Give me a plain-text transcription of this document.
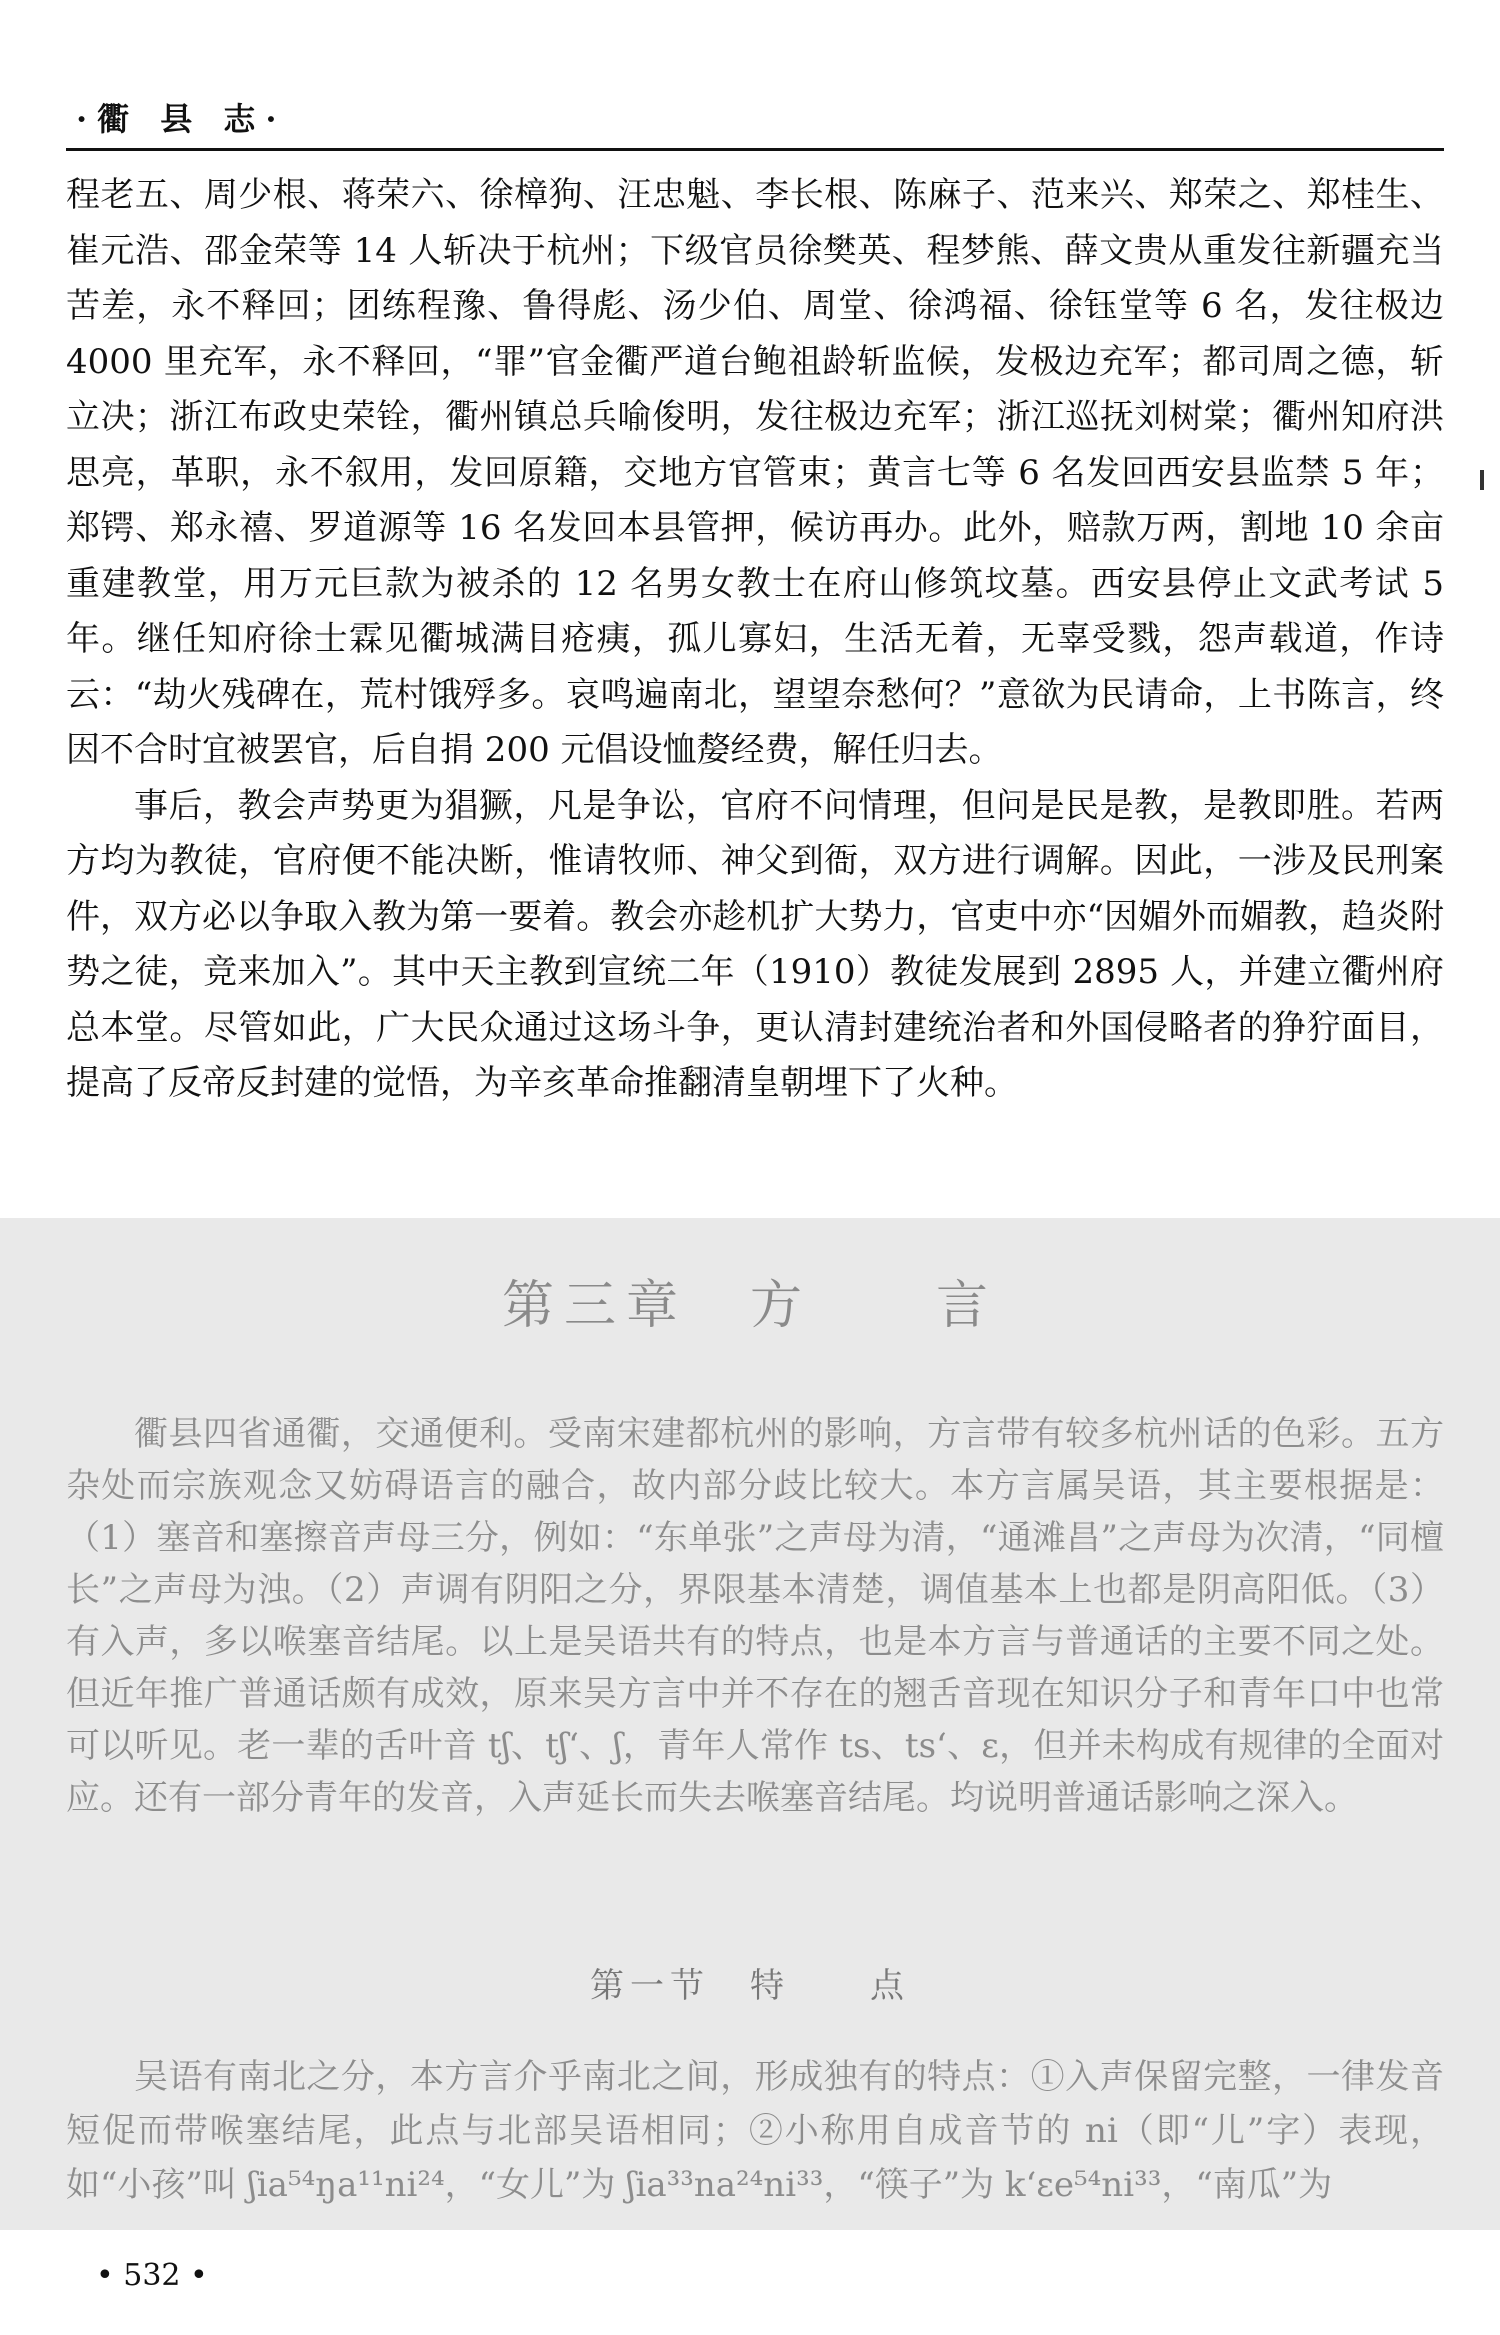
·衢 县 志·

程老五、周少根、蒋荣六、徐樟狗、汪忠魁、李长根、陈麻子、范来兴、郑荣之、郑桂生、崔元浩、邵金荣等 14 人斩决于杭州；下级官员徐樊英、程梦熊、薛文贵从重发往新疆充当苦差，永不释回；团练程豫、鲁得彪、汤少伯、周堂、徐鸿福、徐钰堂等 6 名，发往极边 4000 里充军，永不释回，“罪”官金衢严道台鲍祖龄斩监候，发极边充军；都司周之德，斩立决；浙江布政史荣铨，衢州镇总兵喻俊明，发往极边充军；浙江巡抚刘树棠；衢州知府洪思亮，革职，永不叙用，发回原籍，交地方官管束；黄言七等 6 名发回西安县监禁 5 年；郑锷、郑永禧、罗道源等 16 名发回本县管押，候访再办。此外，赔款万两，割地 10 余亩重建教堂，用万元巨款为被杀的 12 名男女教士在府山修筑坟墓。西安县停止文武考试 5 年。继任知府徐士霖见衢城满目疮痍，孤儿寡妇，生活无着，无辜受戮，怨声载道，作诗云：“劫火残碑在，荒村饿殍多。哀鸣遍南北，望望奈愁何？”意欲为民请命，上书陈言，终因不合时宜被罢官，后自捐 200 元倡设恤嫠经费，解任归去。

事后，教会声势更为猖獗，凡是争讼，官府不问情理，但问是民是教，是教即胜。若两方均为教徒，官府便不能决断，惟请牧师、神父到衙，双方进行调解。因此，一涉及民刑案件，双方必以争取入教为第一要着。教会亦趁机扩大势力，官吏中亦“因媚外而媚教，趋炎附势之徒，竞来加入”。其中天主教到宣统二年（1910）教徒发展到 2895 人，并建立衢州府总本堂。尽管如此，广大民众通过这场斗争，更认清封建统治者和外国侵略者的狰狞面目，提高了反帝反封建的觉悟，为辛亥革命推翻清皇朝埋下了火种。

第三章　方　　言

衢县四省通衢，交通便利。受南宋建都杭州的影响，方言带有较多杭州话的色彩。五方杂处而宗族观念又妨碍语言的融合，故内部分歧比较大。本方言属吴语，其主要根据是：（1）塞音和塞擦音声母三分，例如：“东单张”之声母为清，“通滩昌”之声母为次清，“同檀长”之声母为浊。（2）声调有阴阳之分，界限基本清楚，调值基本上也都是阴高阳低。（3）有入声，多以喉塞音结尾。以上是吴语共有的特点，也是本方言与普通话的主要不同之处。但近年推广普通话颇有成效，原来吴方言中并不存在的翘舌音现在知识分子和青年口中也常可以听见。老一辈的舌叶音 tʃ、tʃ‘、ʃ，青年人常作 ts、ts‘、ɛ，但并未构成有规律的全面对应。还有一部分青年的发音，入声延长而失去喉塞音结尾。均说明普通话影响之深入。

第一节　特　　点

吴语有南北之分，本方言介乎南北之间，形成独有的特点：①入声保留完整，一律发音短促而带喉塞结尾，此点与北部吴语相同；②小称用自成音节的 ni（即“儿”字）表现，如“小孩”叫 ʃia⁵⁴ŋa¹¹ni²⁴，“女儿”为 ʃia³³na²⁴ni³³，“筷子”为 k‘ɛe⁵⁴ni³³，“南瓜”为

• 532 •
